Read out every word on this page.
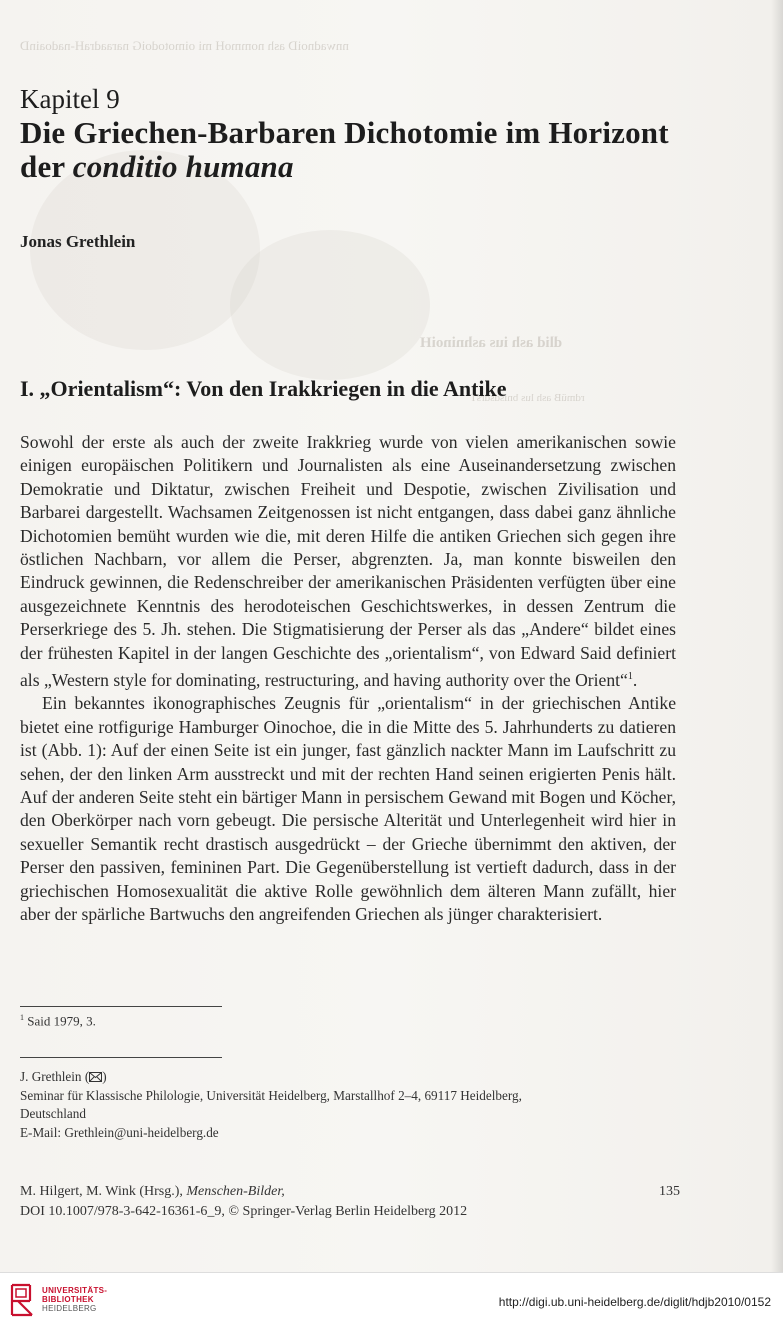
nnwadnoiD ash nommoH mi oimotodoiG naraadraH-nadoainD
dlid ash ius ashninoiH
rdmüB ash lus bnisdsdrsT
Kapitel 9
Die Griechen-Barbaren Dichotomie im Horizont
der conditio humana
Jonas Grethlein
I. „Orientalism“: Von den Irakkriegen in die Antike

Sowohl der erste als auch der zweite Irakkrieg wurde von vielen amerikanischen sowie einigen europäischen Politikern und Journalisten als eine Auseinandersetzung zwischen Demokratie und Diktatur, zwischen Freiheit und Despotie, zwischen Zivilisation und Barbarei dargestellt. Wachsamen Zeitgenossen ist nicht entgangen, dass dabei ganz ähnliche Dichotomien bemüht wurden wie die, mit deren Hilfe die antiken Griechen sich gegen ihre östlichen Nachbarn, vor allem die Perser, abgrenzten. Ja, man konnte bisweilen den Eindruck gewinnen, die Redenschreiber der amerikanischen Präsidenten verfügten über eine ausgezeichnete Kenntnis des herodoteischen Geschichtswerkes, in dessen Zentrum die Perserkriege des 5. Jh. stehen. Die Stigmatisierung der Perser als das „Andere“ bildet eines der frühesten Kapitel in der langen Geschichte des „orientalism“, von Edward Said definiert als „Western style for dominating, restructuring, and having authority over the Orient“$^1$.

Ein bekanntes ikonographisches Zeugnis für „orientalism“ in der griechischen Antike bietet eine rotfigurige Hamburger Oinochoe, die in die Mitte des 5. Jahrhunderts zu datieren ist (Abb. 1): Auf der einen Seite ist ein junger, fast gänzlich nackter Mann im Laufschritt zu sehen, der den linken Arm ausstreckt und mit der rechten Hand seinen erigierten Penis hält. Auf der anderen Seite steht ein bärtiger Mann in persischem Gewand mit Bogen und Köcher, den Oberkörper nach vorn gebeugt. Die persische Alterität und Unterlegenheit wird hier in sexueller Semantik recht drastisch ausgedrückt – der Grieche übernimmt den aktiven, der Perser den passiven, femininen Part. Die Gegenüberstellung ist vertieft dadurch, dass in der griechischen Homosexualität die aktive Rolle gewöhnlich dem älteren Mann zufällt, hier aber der spärliche Bartwuchs den angreifenden Griechen als jünger charakterisiert.

$^1$ Said 1979, 3.
J. Grethlein ( )
Seminar für Klassische Philologie, Universität Heidelberg, Marstallhof 2–4, 69117 Heidelberg,
Deutschland
E-Mail: Grethlein@uni-heidelberg.de
M. Hilgert, M. Wink (Hrsg.), Menschen-Bilder,	135
DOI 10.1007/978-3-642-16361-6_9, © Springer-Verlag Berlin Heidelberg 2012
UNIVERSITÄTS-
BIBLIOTHEK
HEIDELBERG	http://digi.ub.uni-heidelberg.de/diglit/hdjb2010/0152
